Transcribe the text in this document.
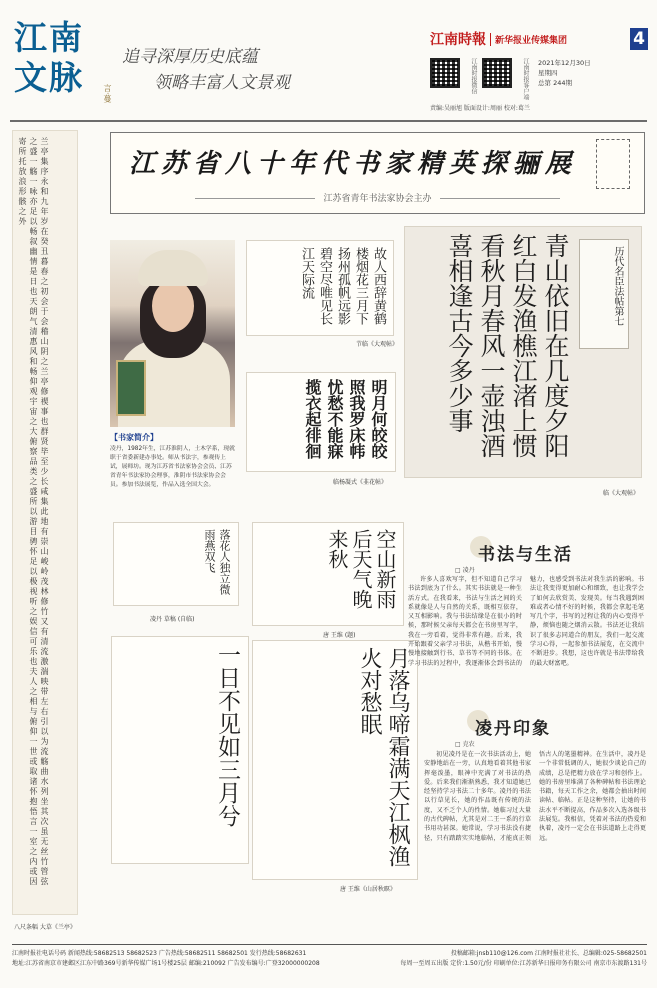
江南文脉	言·蔓
追寻深厚历史底蕴
领略丰富人文景观
江南時報	新华报业传媒集团	4
江南时报微信	江南时报客户端 2021年12月30日
星期四
总第 244期
责编:吴丽旭 版面设计:周丽 校对:葛兰
兰亭集序永和九年岁在癸丑暮春之初会于会稽山阴之兰亭修禊事也群贤毕至少长咸集此地有崇山峻岭茂林修竹又有清流激湍映带左右引以为流觞曲水列坐其次虽无丝竹管弦之盛一觞一咏亦足以畅叙幽情是日也天朗气清惠风和畅仰观宇宙之大俯察品类之盛所以游目骋怀足以极视听之娱信可乐也夫人之相与俯仰一世或取诸怀抱悟言一室之内或因寄所托放浪形骸之外
八尺条幅 大草《兰亭》
江苏省八十年代书家精英探骊展
江苏省青年书法家协会主办
【书家简介】
凌丹，1982年生，江苏淮阴人，土木学系，现就职于省委新建办事处。师从书法字，参观传上试，展师坊。现为江苏省书法家协会会员、江苏省青年书法家协会理事，淮阴市书法家协会会员。参加书法展览，作品入选全国大会。
故人西辞黄鹤楼烟花三月下扬州孤帆远影碧空尽唯见长江天际流
节临《大观帖》
明月何皎皎照我罗床帏忧愁不能寐揽衣起徘徊
临杨凝式《韭花帖》
青山依旧在几度夕阳红白发渔樵江渚上惯看秋月春风一壶浊酒喜相逢古今多少事	历代名臣法帖第七
临《大观帖》
落花人独立微雨燕双飞
凌丹 草稿 (自临)
空山新雨后天气晚来秋
唐 王维 (题)
一日不见如三月兮	月落乌啼霜满天江枫渔火对愁眠
唐 王维《山居秋暝》
书法与生活
□ 凌丹
许多人喜欢写字，但不知道自己学习书法到底为了什么。其实书法就是一种生活方式。在我看来，书法与生活之间的关系就像是人与自然的关系，既相互依存，又互相影响。我与书法结缘是在很小的时候，那时候父亲每天都会在书房里写字，我在一旁看着，觉得非常有趣。后来，我开始跟着父亲学习书法，从楷书开始，慢慢地接触到行书、草书等不同的书体。在学习书法的过程中，我逐渐体会到书法的魅力，也感受到书法对我生活的影响。书法让我变得更加耐心和细致，也让我学会了如何去欣赏美、发现美。每当我遇到困难或者心情不好的时候，我都会拿起毛笔写几个字，书写的过程让我的内心变得平静，烦恼也随之烟消云散。书法还让我结识了很多志同道合的朋友，我们一起交流学习心得，一起参加书法展览，在交流中不断进步。我想，这也许就是书法带给我的最大财富吧。
凌丹印象
□ 克农
初见凌丹是在一次书法活动上，她安静地站在一旁，认真地看着其他书家挥毫泼墨，眼神中充满了对书法的热爱。后来我们渐渐熟悉，我才知道她已经坚持学习书法二十多年。凌丹的书法以行草见长，她的作品既有传统的法度，又不乏个人的性情。她临习过大量的古代碑帖，尤其是对二王一系的行草书用功甚深。她常说，学习书法没有捷径，只有踏踏实实地临帖，才能真正领悟古人的笔墨精神。在生活中，凌丹是一个非常低调的人，她很少谈论自己的成绩，总是把精力放在学习和创作上。她的书房里堆满了各种碑帖和书法理论书籍，每天工作之余，她都会抽出时间读帖、临帖。正是这种坚持，让她的书法水平不断提高，作品多次入选各级书法展览。我相信，凭着对书法的热爱和执着，凌丹一定会在书法道路上走得更远。
江南时报社电话号码 新闻热线:58682513 58682523 广告热线:58682511 58682501 发行热线:58682631	投稿邮箱:jnsb110@126.com 江南时报社社长、总编辑:025-58682501
地址:江苏省南京市建邺区江东中路369号新华传媒广场1号楼25层 邮编:210092 广告发布编号:广登32000000208	每周一至周五出版 定价:1.50元/份 印刷单位:江苏新华日报印务有限公司 南京市东渡路131号
